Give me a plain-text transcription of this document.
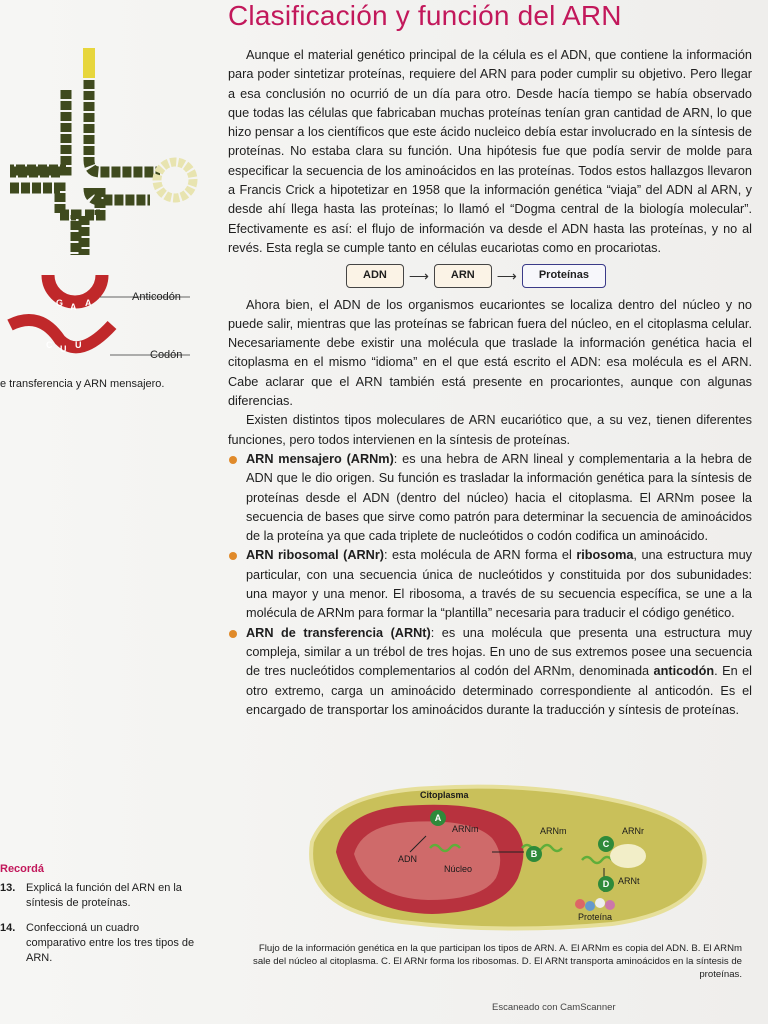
G A A
C U U
Anticodón
Codón
e transferencia y ARN mensajero.
Clasificación y función del ARN

Aunque el material genético principal de la célula es el ADN, que contiene la información para poder sintetizar proteínas, requiere del ARN para poder cumplir su objetivo. Pero llegar a esa conclusión no ocurrió de un día para otro. Desde hacía tiempo se había observado que todas las células que fabricaban muchas proteínas tenían gran cantidad de ARN, lo que hizo pensar a los científicos que este ácido nucleico debía estar involucrado en la síntesis de proteínas. No estaba clara su función. Una hipótesis fue que podía servir de molde para especificar la secuencia de los aminoácidos en las proteínas. Todos estos hallazgos llevaron a Francis Crick a hipotetizar en 1958 que la información genética “viaja” del ADN al ARN, y desde ahí llega hasta las proteínas; lo llamó el “Dogma central de la biología molecular”. Efectivamente es así: el flujo de información va desde el ADN hasta las proteínas, y no al revés. Esta regla se cumple tanto en células eucariotas como en procariotas.

ADN	⟶	ARN	⟶	Proteínas

Ahora bien, el ADN de los organismos eucariontes se localiza dentro del núcleo y no puede salir, mientras que las proteínas se fabrican fuera del núcleo, en el citoplasma celular. Necesariamente debe existir una molécula que traslade la información genética hacia el citoplasma en el mismo “idioma” en el que está escrito el ADN: esa molécula es el ARN. Cabe aclarar que el ARN también está presente en procariontes, aunque con algunas diferencias.

Existen distintos tipos moleculares de ARN eucariótico que, a su vez, tienen diferentes funciones, pero todos intervienen en la síntesis de proteínas.

ARN mensajero (ARNm): es una hebra de ARN lineal y complementaria a la hebra de ADN que le dio origen. Su función es trasladar la información genética para la síntesis de proteínas desde el ADN (dentro del núcleo) hacia el citoplasma. El ARNm posee la secuencia de bases que sirve como patrón para determinar la secuencia de aminoácidos de la proteína ya que cada triplete de nucleótidos o codón codifica un aminoácido.
ARN ribosomal (ARNr): esta molécula de ARN forma el ribosoma, una estructura muy particular, con una secuencia única de nucleótidos y constituida por dos subunidades: una mayor y una menor. El ribosoma, a través de su secuencia específica, se une a la molécula de ARNm para formar la “plantilla” necesaria para traducir el código genético.
ARN de transferencia (ARNt): es una molécula que presenta una estructura muy compleja, similar a un trébol de tres hojas. En uno de sus extremos posee una secuencia de tres nucleótidos complementarios al codón del ARNm, denominada anticodón. En el otro extremo, carga un aminoácido determinado correspondiente al anticodón. Es el encargado de transportar los aminoácidos durante la traducción y síntesis de proteínas.
Recordá
13. Explicá la función del ARN en la síntesis de proteínas.
14. Confeccioná un cuadro comparativo entre los tres tipos de ARN.
A
B
C
D
Citoplasma
ARNm	ARNm	ARNr
ADN
Núcleo
ARNt
Proteína
Flujo de la información genética en la que participan los tipos de ARN. A. El ARNm es copia del ADN. B. El ARNm sale del núcleo al citoplasma. C. El ARNr forma los ribosomas. D. El ARNt transporta aminoácidos en la síntesis de proteínas.
Escaneado con CamScanner
